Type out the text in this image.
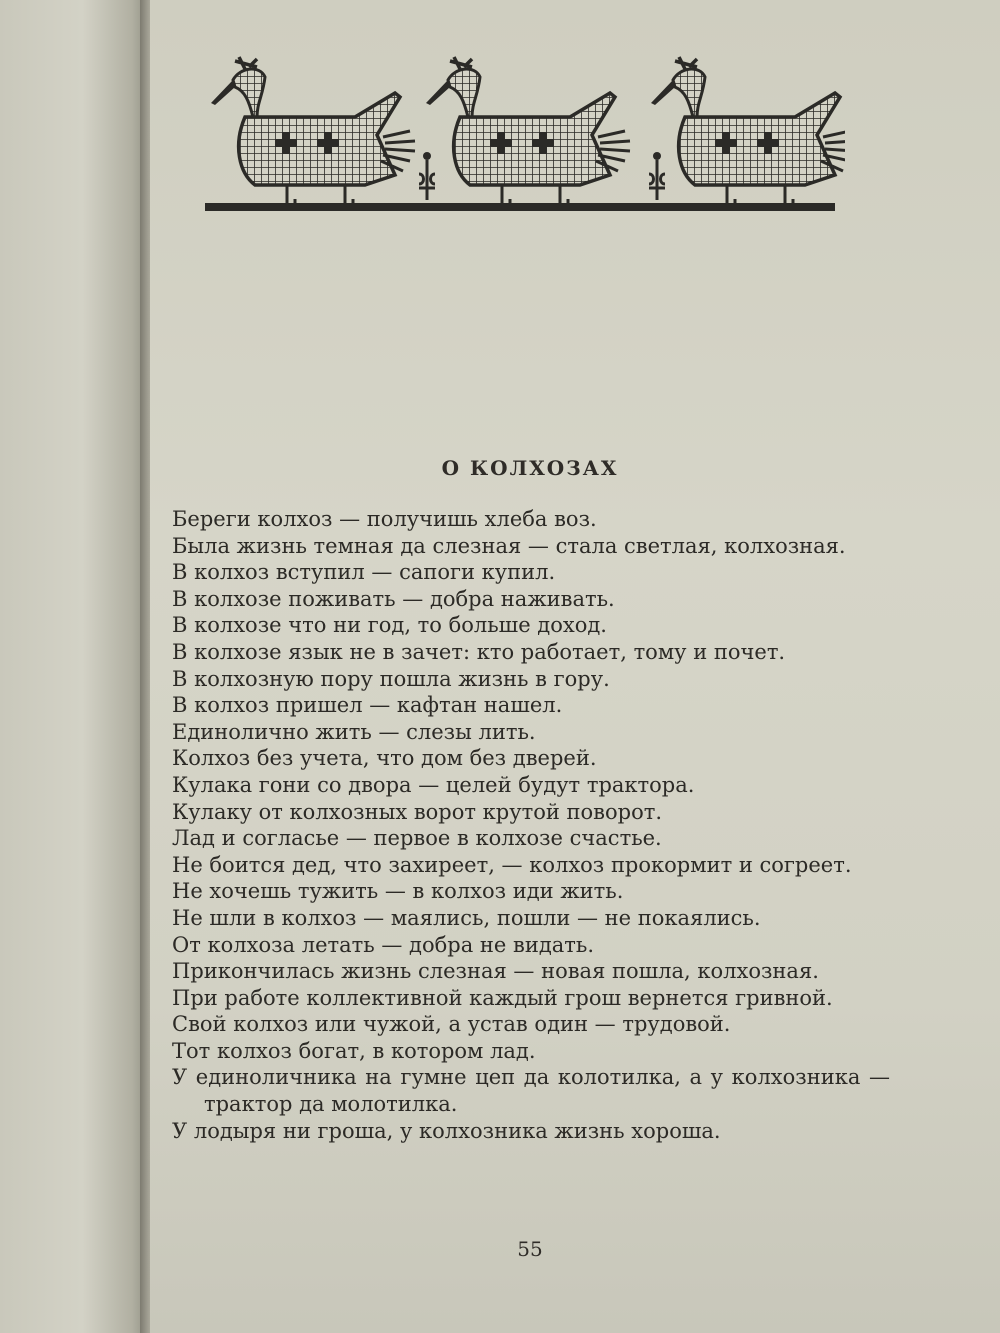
О КОЛХОЗАХ
Береги колхоз — получишь хлеба воз.
Была жизнь темная да слезная — стала светлая, колхозная.
В колхоз вступил — сапоги купил.
В колхозе поживать — добра наживать.
В колхозе что ни год, то больше доход.
В колхозе язык не в зачет: кто работает, тому и почет.
В колхозную пору пошла жизнь в гору.
В колхоз пришел — кафтан нашел.
Единолично жить — слезы лить.
Колхоз без учета, что дом без дверей.
Кулака гони со двора — целей будут трактора.
Кулаку от колхозных ворот крутой поворот.
Лад и согласье — первое в колхозе счастье.
Не боится дед, что захиреет, — колхоз прокормит и согреет.
Не хочешь тужить — в колхоз иди жить.
Не шли в колхоз — маялись, пошли — не покаялись.
От колхоза летать — добра не видать.
Прикончилась жизнь слезная — новая пошла, колхозная.
При работе коллективной каждый грош вернется гривной.
Свой колхоз или чужой, а устав один — трудовой.
Тот колхоз богат, в котором лад.
У единоличника на гумне цеп да колотилка, а у колхозника — трактор да молотилка.
У лодыря ни гроша, у колхозника жизнь хороша.
55
